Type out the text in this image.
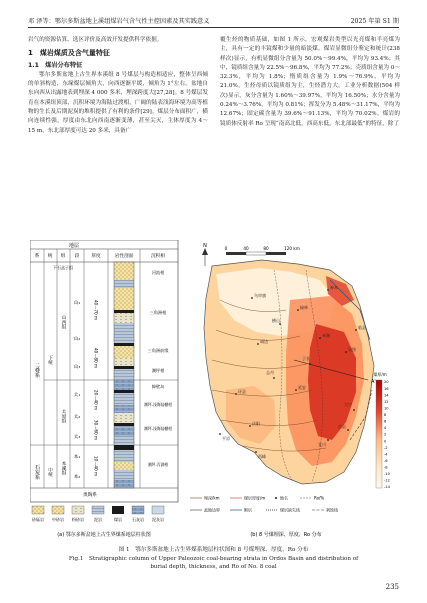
邓 泽等：鄂尔多斯盆地上溪组煤岩气含气性主控因素及其实践意义	2025 年第 S1 期

岩气的资源估算、选区评价及高效开发提供科学依据。

1　煤岩煤质及含气量特征
1.1　煤岩分布特征

鄂尔多斯盆地上古生界本溪组 8 号煤层与构造相适应，整体呈西倾的单斜构造，东缘煤层倾角大，向西逐渐平缓，倾角为 1°左右。盆地自东向西从出露地表到埋深 4 000 多米，埋深跨度大[27,28]。8 号煤层发育在本溪组顶部，沉积环境为海陆过渡相，广阔的陆表浅海环境为高等植物的生长及后期泥炭的堆积提供了有利的条件[29]。煤层分布面积广，横向连续性强，厚度由东北向西南逐渐变薄，甚至尖灭，主体厚度为 4～15 m，东北部厚度可达 20 多米，具备广

覆生烃的物质基础，如图 1 所示。宏观煤岩类型以光亮煤和半亮煤为主，具有一定的丰镜煤和少量的暗淡煤。煤岩显微组分鉴定和统计(238 样次)显示，有机显微组分含量为 50.0%～99.4%，平均为 93.4%；其中，镜质组含量为 22.5%～96.8%，平均为 77.2%；壳质组含量为 0～32.3%，平均为 1.8%；惰质组含量为 1.9%～76.9%，平均为 21.0%，生烃母质以镜质组为主，生烃潜力大。工业分析数据(504 样次)显示，灰分含量为 1.60%～39.97%，平均为 16.50%；水分含量为 0.24%～3.76%，平均为 0.81%；挥发分为 5.48%～31.17%，平均为 12.67%；固定碳含量为 39.6%～91.13%，平均为 70.02%。煤岩的镜质体反射率 Ro 呈现“南高北低，西高东低，东北部最低”的特征，除了

地层
系 统 组 段	厚度	岩性剖面	沉积相
下石盒子组
二叠系
石炭系
下统
中统
山西组
太原组
本溪组
山₁
山₂
山₃
太₁
太₂
太₃
本₁
本₂
40～70 m
40～80 m
20～40 m
30～60 m
10～40 m
河流相
三角洲相
三角洲前缘
潮坪相
障壁岛
潮坪-浅海陆棚相
潮坪-浅海陆棚相
潮坪-泻湖相
奥陶系
砂砾岩 中砂岩 粉砂岩	泥岩	煤岩	石灰岩 泥灰岩
(a) 鄂尔多斯盆地上古生界煤系地层柱状图
N	0	40	80	120 km
A'
乌审旗
靖边
延安
榆林
神木
吴堡
临县
米脂
大宁
吉县
宜川
平凉
庆阳
环县
西峰
志丹
子长
横山
煤厚/m
20
16
14
12
10
8
6
4
2
0
-2
-4
-6
-8
-10
-12
-14
埋深/km	煤层厚度/m	地名	Ro/%
盆地边界	断层	煤层缺失线	剥蚀线
(b) 8 号煤埋深、厚度、Ro 分布
图 1　鄂尔多斯盆地上古生界煤系地层柱状图和 8 号煤埋深、厚度、Ro 分布
Fig.1　Stratigraphic column of Upper Paleozoic coal-bearing strata in Ordos Basin and distribution of
burial depth, thickness, and Ro of No. 8 coal
235
